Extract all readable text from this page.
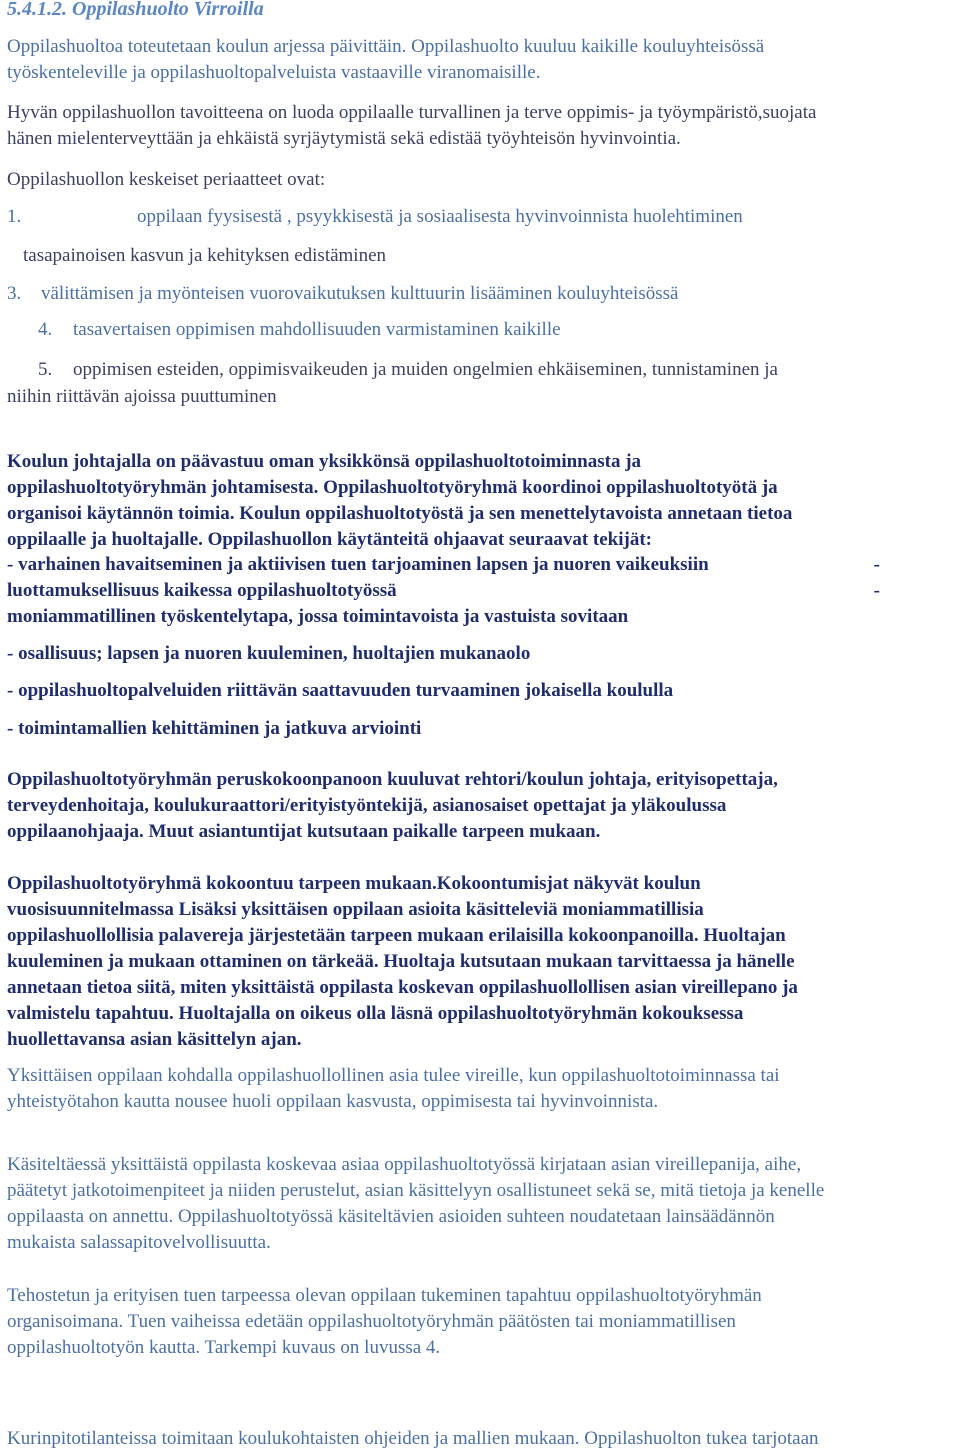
5.4.1.2. Oppilashuolto Virroilla
Oppilashuoltoa toteutetaan koulun arjessa päivittäin. Oppilashuolto kuuluu kaikille kouluyhteisössä
työskenteleville ja oppilashuoltopalveluista vastaaville viranomaisille.
Hyvän oppilashuollon tavoitteena on luoda oppilaalle turvallinen ja terve oppimis- ja työympäristö,suojata
hänen mielenterveyttään ja ehkäistä syrjäytymistä sekä edistää työyhteisön hyvinvointia.
Oppilashuollon keskeiset periaatteet ovat:
1.	oppilaan fyysisestä , psyykkisestä ja sosiaalisesta hyvinvoinnista huolehtiminen
tasapainoisen kasvun ja kehityksen edistäminen
3. välittämisen ja myönteisen vuorovaikutuksen kulttuurin lisääminen kouluyhteisössä
4. tasavertaisen oppimisen mahdollisuuden varmistaminen kaikille
5. oppimisen esteiden, oppimisvaikeuden ja muiden ongelmien ehkäiseminen, tunnistaminen ja
niihin riittävän ajoissa puuttuminen
Koulun johtajalla on päävastuu oman yksikkönsä oppilashuoltotoiminnasta ja
oppilashuoltotyöryhmän johtamisesta. Oppilashuoltotyöryhmä koordinoi oppilashuoltotyötä ja
organisoi käytännön toimia. Koulun oppilashuoltotyöstä ja sen menettelytavoista annetaan tietoa
oppilaalle ja huoltajalle. Oppilashuollon käytänteitä ohjaavat seuraavat tekijät:
- varhainen havaitseminen ja aktiivisen tuen tarjoaminen lapsen ja nuoren vaikeuksiin	-
luottamuksellisuus kaikessa oppilashuoltotyössä	-
moniammatillinen työskentelytapa, jossa toimintavoista ja vastuista sovitaan
- osallisuus; lapsen ja nuoren kuuleminen, huoltajien mukanaolo
- oppilashuoltopalveluiden riittävän saattavuuden turvaaminen jokaisella koululla
- toimintamallien kehittäminen ja jatkuva arviointi
Oppilashuoltotyöryhmän peruskokoonpanoon kuuluvat rehtori/koulun johtaja, erityisopettaja,
terveydenhoitaja, koulukuraattori/erityistyöntekijä, asianosaiset opettajat ja yläkoulussa
oppilaanohjaaja. Muut asiantuntijat kutsutaan paikalle tarpeen mukaan.
Oppilashuoltotyöryhmä kokoontuu tarpeen mukaan.Kokoontumisjat näkyvät koulun
vuosisuunnitelmassa Lisäksi yksittäisen oppilaan asioita käsitteleviä moniammatillisia
oppilashuollollisia palavereja järjestetään tarpeen mukaan erilaisilla kokoonpanoilla. Huoltajan
kuuleminen ja mukaan ottaminen on tärkeää. Huoltaja kutsutaan mukaan tarvittaessa ja hänelle
annetaan tietoa siitä, miten yksittäistä oppilasta koskevan oppilashuollollisen asian vireillepano ja
valmistelu tapahtuu. Huoltajalla on oikeus olla läsnä oppilashuoltotyöryhmän kokouksessa
huollettavansa asian käsittelyn ajan.
Yksittäisen oppilaan kohdalla oppilashuollollinen asia tulee vireille, kun oppilashuoltotoiminnassa tai
yhteistyötahon kautta nousee huoli oppilaan kasvusta, oppimisesta tai hyvinvoinnista.
Käsiteltäessä yksittäistä oppilasta koskevaa asiaa oppilashuoltotyössä kirjataan asian vireillepanija, aihe,
päätetyt jatkotoimenpiteet ja niiden perustelut, asian käsittelyyn osallistuneet sekä se, mitä tietoja ja kenelle
oppilaasta on annettu. Oppilashuoltotyössä käsiteltävien asioiden suhteen noudatetaan lainsäädännön
mukaista salassapitovelvollisuutta.
Tehostetun ja erityisen tuen tarpeessa olevan oppilaan tukeminen tapahtuu oppilashuoltotyöryhmän
organisoimana. Tuen vaiheissa edetään oppilashuoltotyöryhmän päätösten tai moniammatillisen
oppilashuoltotyön kautta. Tarkempi kuvaus on luvussa 4.
Kurinpitotilanteissa toimitaan koulukohtaisten ohjeiden ja mallien mukaan. Oppilashuolton tukea tarjotaan
